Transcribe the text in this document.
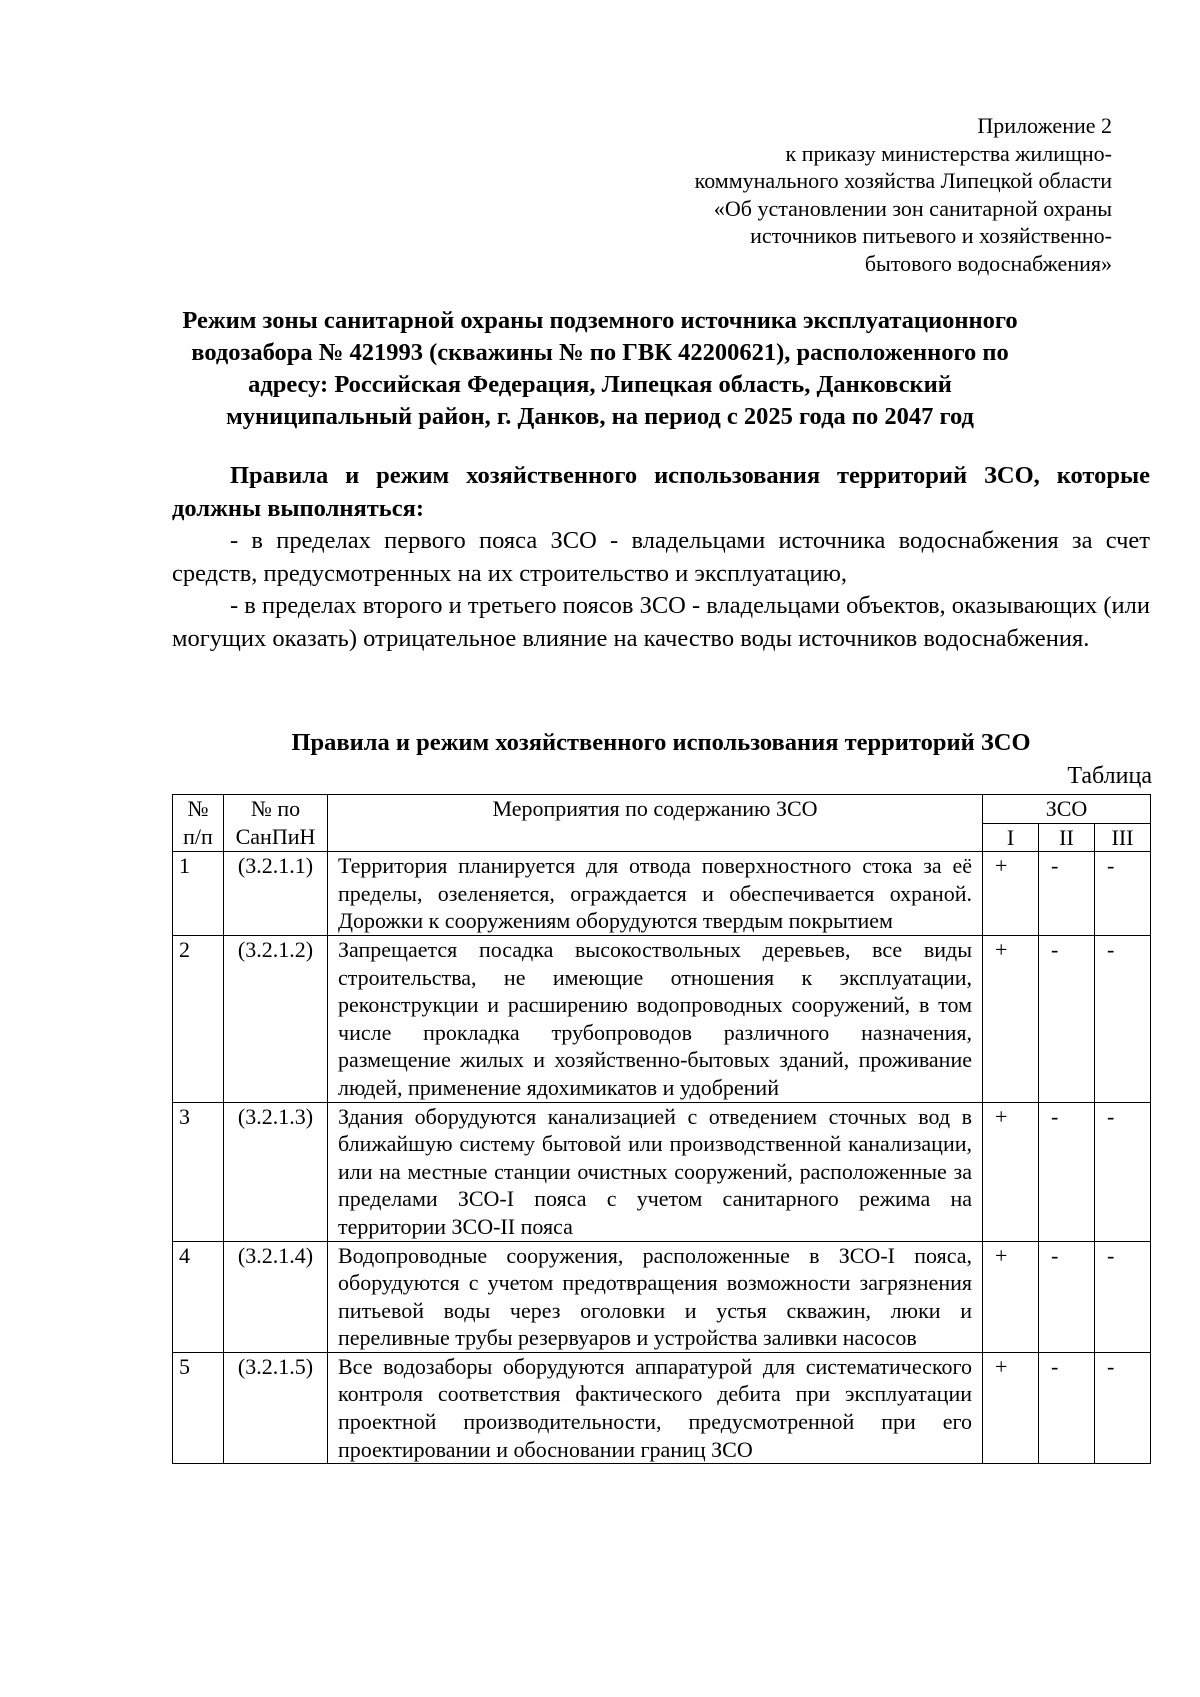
Приложение 2
к приказу министерства жилищно-
коммунального хозяйства Липецкой области
«Об установлении зон санитарной охраны
источников питьевого и хозяйственно-
бытового водоснабжения»
Режим зоны санитарной охраны подземного источника эксплуатационного
водозабора № 421993 (скважины № по ГВК 42200621), расположенного по
адресу: Российская Федерация, Липецкая область, Данковский
муниципальный район, г. Данков, на период с 2025 года по 2047 год

Правила и режим хозяйственного использования территорий ЗСО, которые должны выполняться:

- в пределах первого пояса ЗСО - владельцами источника водоснабжения за счет средств, предусмотренных на их строительство и эксплуатацию,

- в пределах второго и третьего поясов ЗСО - владельцами объектов, оказывающих (или могущих оказать) отрицательное влияние на качество воды источников водоснабжения.

Правила и режим хозяйственного использования территорий ЗСО
Таблица
№ п/п	№ по СанПиН	Мероприятия по содержанию ЗСО	ЗСО		
			I	II	III
1	(3.2.1.1)	Территория планируется для отвода поверхностного стока за её пределы, озеленяется, ограждается и обеспечивается охраной. Дорожки к сооружениям оборудуются твердым покрытием	+	-	-
2	(3.2.1.2)	Запрещается посадка высокоствольных деревьев, все виды строительства, не имеющие отношения к эксплуатации, реконструкции и расширению водопроводных сооружений, в том числе прокладка трубопроводов различного назначения, размещение жилых и хозяйственно-бытовых зданий, проживание людей, применение ядохимикатов и удобрений	+	-	-
3	(3.2.1.3)	Здания оборудуются канализацией с отведением сточных вод в ближайшую систему бытовой или производственной канализации, или на местные станции очистных сооружений, расположенные за пределами ЗСО-I пояса с учетом санитарного режима на территории ЗСО-II пояса	+	-	-
4	(3.2.1.4)	Водопроводные сооружения, расположенные в ЗСО-I пояса, оборудуются с учетом предотвращения возможности загрязнения питьевой воды через оголовки и устья скважин, люки и переливные трубы резервуаров и устройства заливки насосов	+	-	-
5	(3.2.1.5)	Все водозаборы оборудуются аппаратурой для систематического контроля соответствия фактического дебита при эксплуатации проектной производительности, предусмотренной при его проектировании и обосновании границ ЗСО	+	-	-
